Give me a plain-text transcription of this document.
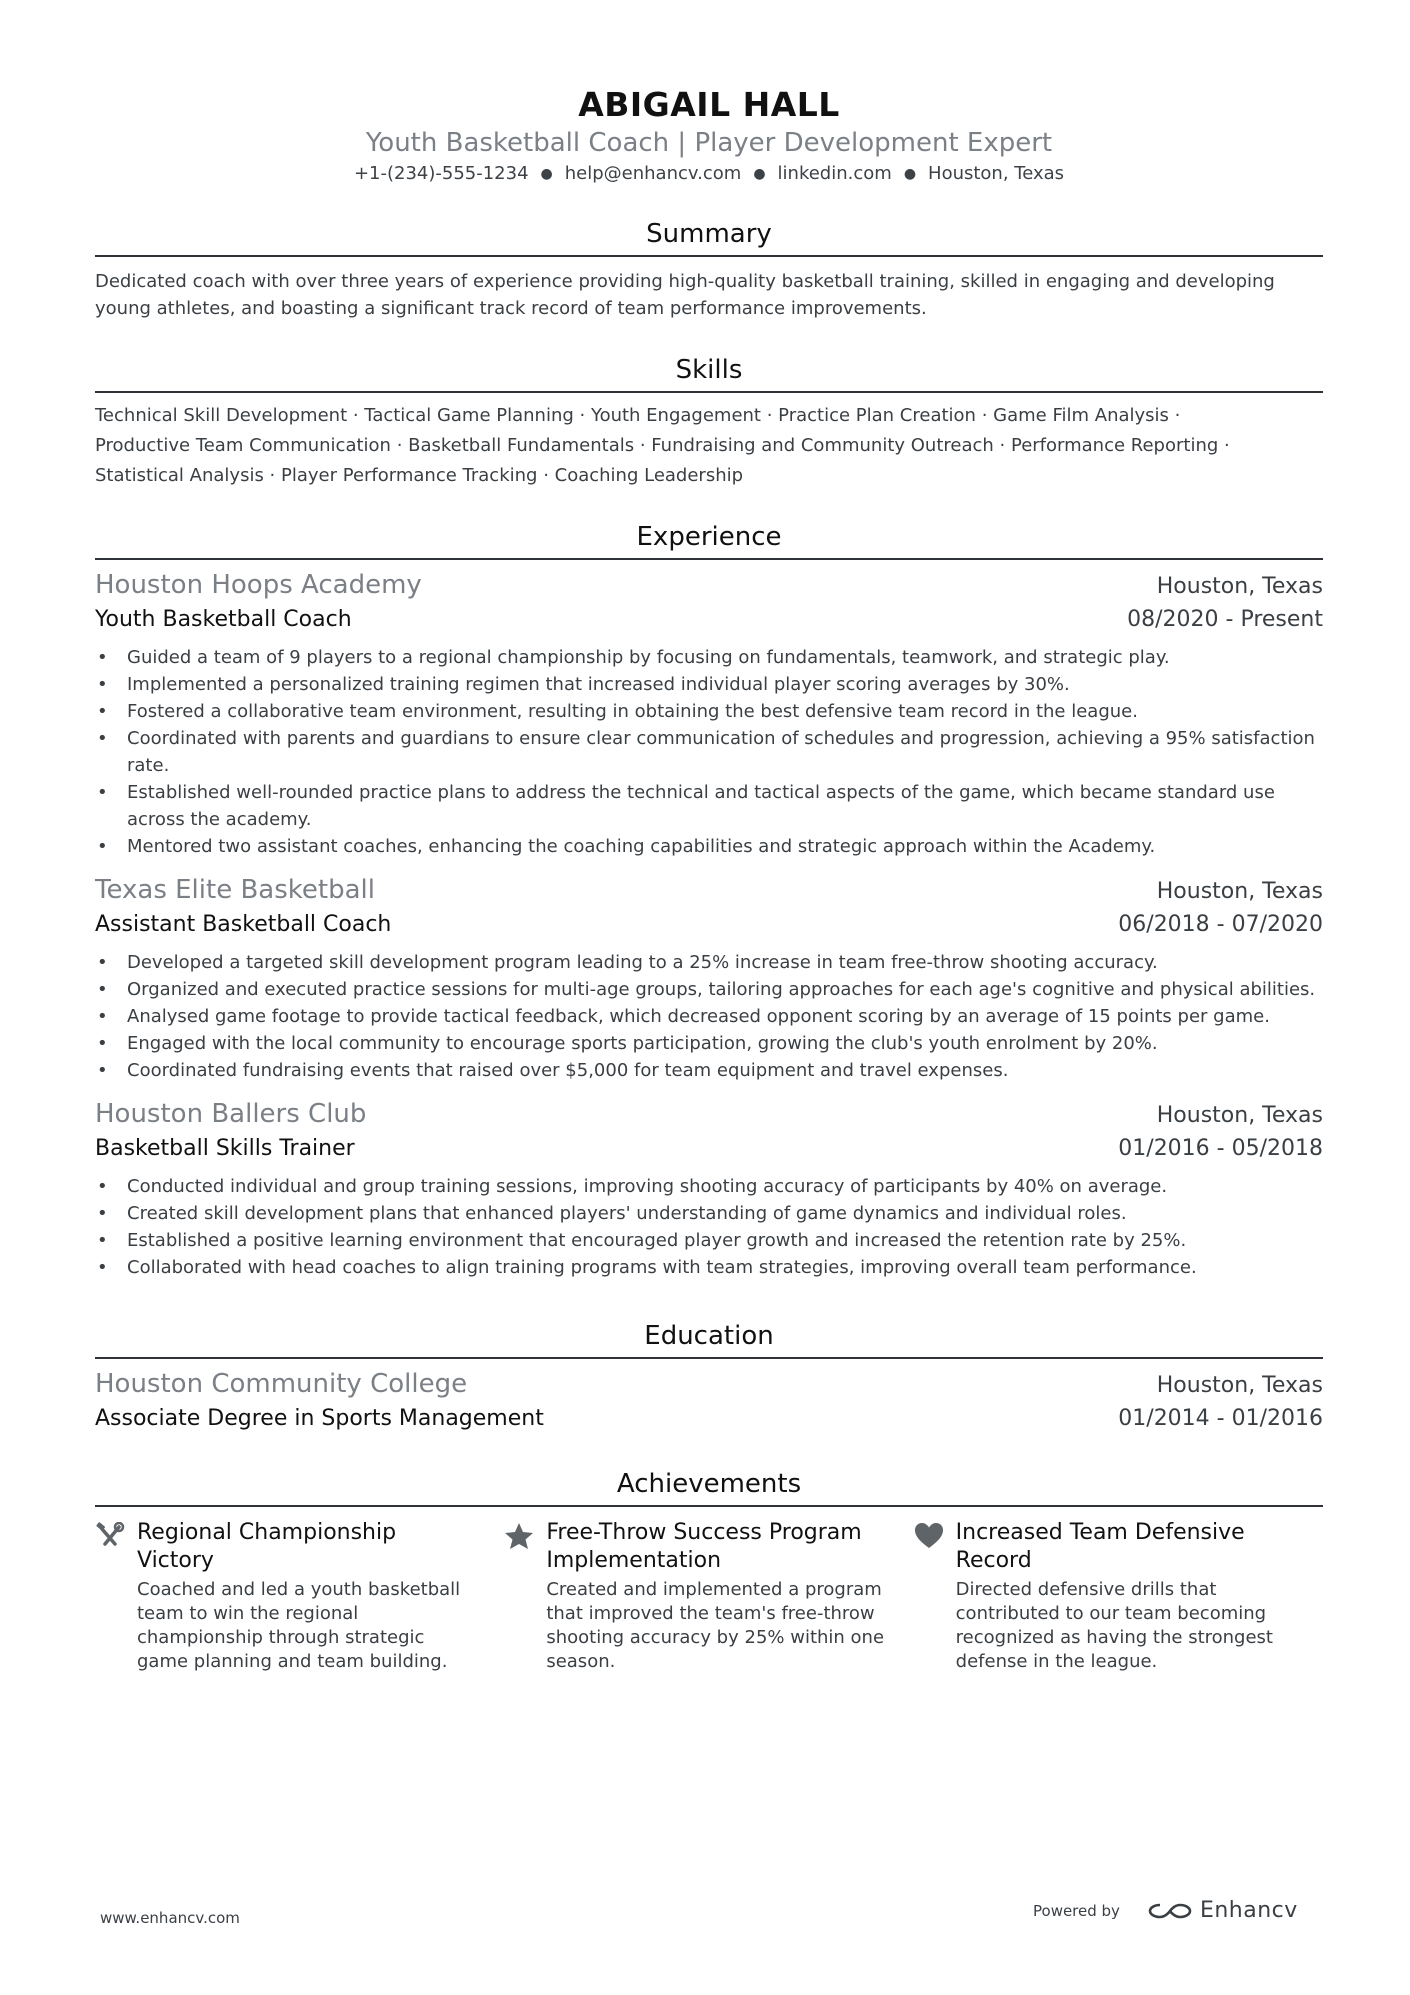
ABIGAIL HALL
Youth Basketball Coach | Player Development Expert
+1-(234)-555-1234 ● help@enhancv.com ● linkedin.com ● Houston, Texas
Summary
Dedicated coach with over three years of experience providing high-quality basketball training, skilled in engaging and developing young athletes, and boasting a significant track record of team performance improvements.
Skills
Technical Skill Development · Tactical Game Planning · Youth Engagement · Practice Plan Creation · Game Film Analysis ·
Productive Team Communication · Basketball Fundamentals · Fundraising and Community Outreach · Performance Reporting ·
Statistical Analysis · Player Performance Tracking · Coaching Leadership
Experience
Houston Hoops Academy	Houston, Texas
Youth Basketball Coach	08/2020 - Present
• Guided a team of 9 players to a regional championship by focusing on fundamentals, teamwork, and strategic play.
• Implemented a personalized training regimen that increased individual player scoring averages by 30%.
• Fostered a collaborative team environment, resulting in obtaining the best defensive team record in the league.
• Coordinated with parents and guardians to ensure clear communication of schedules and progression, achieving a 95% satisfaction rate.
• Established well-rounded practice plans to address the technical and tactical aspects of the game, which became standard use across the academy.
• Mentored two assistant coaches, enhancing the coaching capabilities and strategic approach within the Academy.
Texas Elite Basketball	Houston, Texas
Assistant Basketball Coach	06/2018 - 07/2020
• Developed a targeted skill development program leading to a 25% increase in team free-throw shooting accuracy.
• Organized and executed practice sessions for multi-age groups, tailoring approaches for each age's cognitive and physical abilities.
• Analysed game footage to provide tactical feedback, which decreased opponent scoring by an average of 15 points per game.
• Engaged with the local community to encourage sports participation, growing the club's youth enrolment by 20%.
• Coordinated fundraising events that raised over $5,000 for team equipment and travel expenses.
Houston Ballers Club	Houston, Texas
Basketball Skills Trainer	01/2016 - 05/2018
• Conducted individual and group training sessions, improving shooting accuracy of participants by 40% on average.
• Created skill development plans that enhanced players' understanding of game dynamics and individual roles.
• Established a positive learning environment that encouraged player growth and increased the retention rate by 25%.
• Collaborated with head coaches to align training programs with team strategies, improving overall team performance.
Education
Houston Community College	Houston, Texas
Associate Degree in Sports Management	01/2014 - 01/2016
Achievements
Regional Championship Victory
Coached and led a youth basketball team to win the regional championship through strategic game planning and team building.
Free-Throw Success Program Implementation
Created and implemented a program that improved the team's free-throw shooting accuracy by 25% within one season.
Increased Team Defensive Record
Directed defensive drills that contributed to our team becoming recognized as having the strongest defense in the league.
www.enhancv.com	Powered by	Enhancv
